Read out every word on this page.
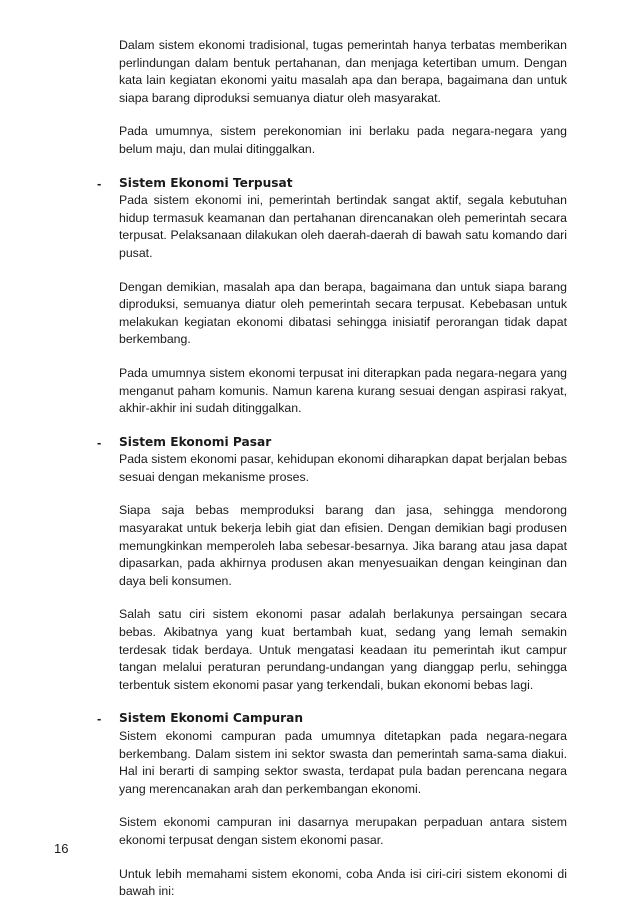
Dalam sistem ekonomi tradisional, tugas pemerintah hanya terbatas memberikan perlindungan dalam bentuk pertahanan, dan menjaga ketertiban umum. Dengan kata lain kegiatan ekonomi yaitu masalah apa dan berapa, bagaimana dan untuk siapa barang diproduksi semuanya diatur oleh masyarakat.

Pada umumnya, sistem perekonomian ini berlaku pada negara-negara yang belum maju, dan mulai ditinggalkan.

- Sistem Ekonomi Terpusat

Pada sistem ekonomi ini, pemerintah bertindak sangat aktif, segala kebutuhan hidup termasuk keamanan dan pertahanan direncanakan oleh pemerintah secara terpusat. Pelaksanaan dilakukan oleh daerah-daerah di bawah satu komando dari pusat.

Dengan demikian, masalah apa dan berapa, bagaimana dan untuk siapa barang diproduksi, semuanya diatur oleh pemerintah secara terpusat. Kebebasan untuk melakukan kegiatan ekonomi dibatasi sehingga inisiatif perorangan tidak dapat berkembang.

Pada umumnya sistem ekonomi terpusat ini diterapkan pada negara-negara yang menganut paham komunis. Namun karena kurang sesuai dengan aspirasi rakyat, akhir-akhir ini sudah ditinggalkan.

- Sistem Ekonomi Pasar

Pada sistem ekonomi pasar, kehidupan ekonomi diharapkan dapat berjalan bebas sesuai dengan mekanisme proses.

Siapa saja bebas memproduksi barang dan jasa, sehingga mendorong masyarakat untuk bekerja lebih giat dan efisien. Dengan demikian bagi produsen memungkinkan memperoleh laba sebesar-besarnya. Jika barang atau jasa dapat dipasarkan, pada akhirnya produsen akan menyesuaikan dengan keinginan dan daya beli konsumen.

Salah satu ciri sistem ekonomi pasar adalah berlakunya persaingan secara bebas. Akibatnya yang kuat bertambah kuat, sedang yang lemah semakin terdesak tidak berdaya. Untuk mengatasi keadaan itu pemerintah ikut campur tangan melalui peraturan perundang-undangan yang dianggap perlu, sehingga terbentuk sistem ekonomi pasar yang terkendali, bukan ekonomi bebas lagi.

- Sistem Ekonomi Campuran

Sistem ekonomi campuran pada umumnya ditetapkan pada negara-negara berkembang. Dalam sistem ini sektor swasta dan pemerintah sama-sama diakui. Hal ini berarti di samping sektor swasta, terdapat pula badan perencana negara yang merencanakan arah dan perkembangan ekonomi.

Sistem ekonomi campuran ini dasarnya merupakan perpaduan antara sistem ekonomi terpusat dengan sistem ekonomi pasar.

Untuk lebih memahami sistem ekonomi, coba Anda isi ciri-ciri sistem ekonomi di bawah ini:

16
